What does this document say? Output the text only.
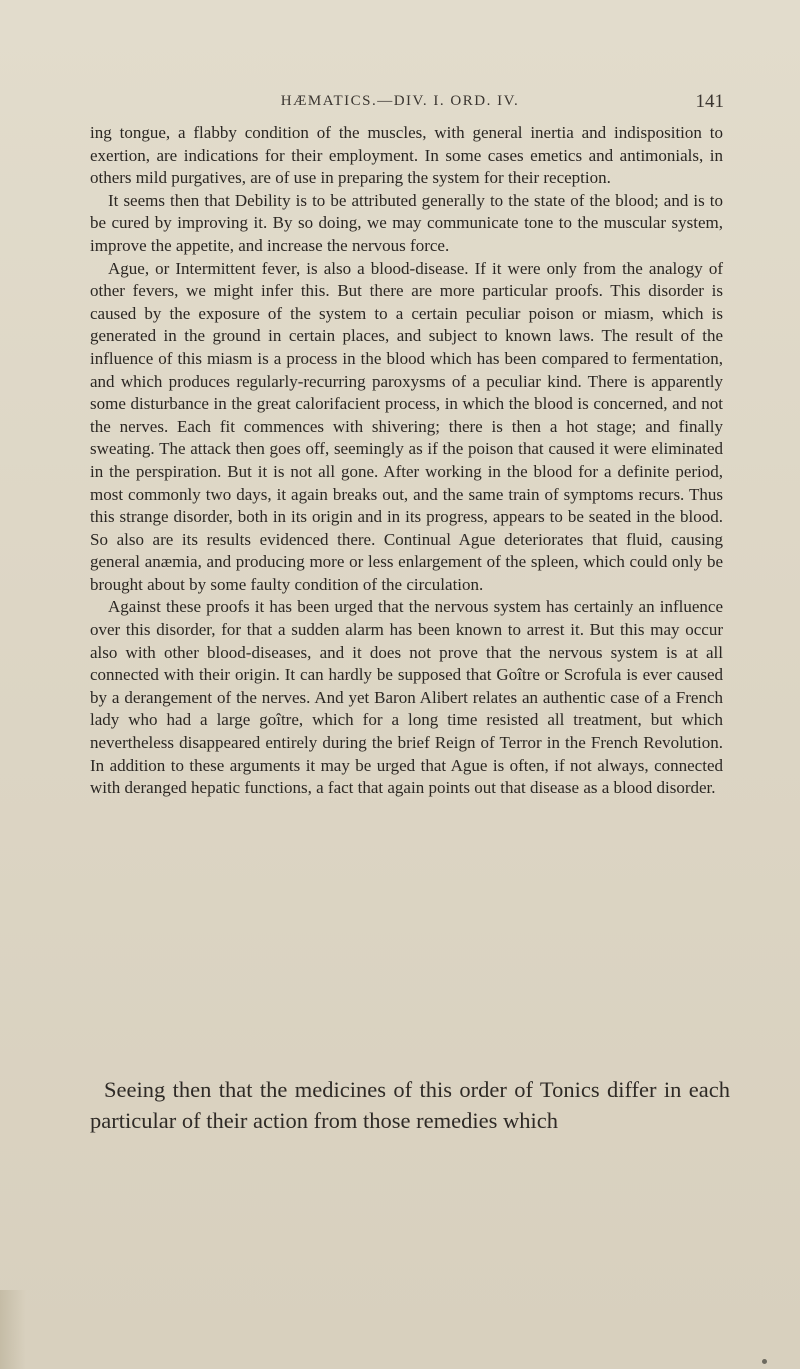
HÆMATICS.—DIV. I. ORD. IV.	141

ing tongue, a flabby condition of the muscles, with general inertia and indisposition to exertion, are indications for their employment. In some cases emetics and antimonials, in others mild purgatives, are of use in preparing the system for their reception.

It seems then that Debility is to be attributed generally to the state of the blood; and is to be cured by improving it. By so doing, we may communicate tone to the muscular system, improve the appetite, and increase the nervous force.

Ague, or Intermittent fever, is also a blood-disease. If it were only from the analogy of other fevers, we might infer this. But there are more particular proofs. This disorder is caused by the exposure of the system to a certain peculiar poison or miasm, which is generated in the ground in certain places, and subject to known laws. The result of the influence of this miasm is a process in the blood which has been compared to fermentation, and which produces regularly-recurring paroxysms of a peculiar kind. There is apparently some disturbance in the great calorifacient process, in which the blood is concerned, and not the nerves. Each fit commences with shivering; there is then a hot stage; and finally sweating. The attack then goes off, seemingly as if the poison that caused it were eliminated in the perspiration. But it is not all gone. After working in the blood for a definite period, most commonly two days, it again breaks out, and the same train of symptoms recurs. Thus this strange disorder, both in its origin and in its progress, appears to be seated in the blood. So also are its results evidenced there. Continual Ague deteriorates that fluid, causing general anæmia, and producing more or less enlargement of the spleen, which could only be brought about by some faulty condition of the circulation.

Against these proofs it has been urged that the nervous system has certainly an influence over this disorder, for that a sudden alarm has been known to arrest it. But this may occur also with other blood-diseases, and it does not prove that the nervous system is at all connected with their origin. It can hardly be supposed that Goître or Scrofula is ever caused by a derangement of the nerves. And yet Baron Alibert relates an authentic case of a French lady who had a large goître, which for a long time resisted all treatment, but which nevertheless disappeared entirely during the brief Reign of Terror in the French Revolution. In addition to these arguments it may be urged that Ague is often, if not always, connected with deranged hepatic functions, a fact that again points out that disease as a blood disorder.

Seeing then that the medicines of this order of Tonics differ in each particular of their action from those remedies which
